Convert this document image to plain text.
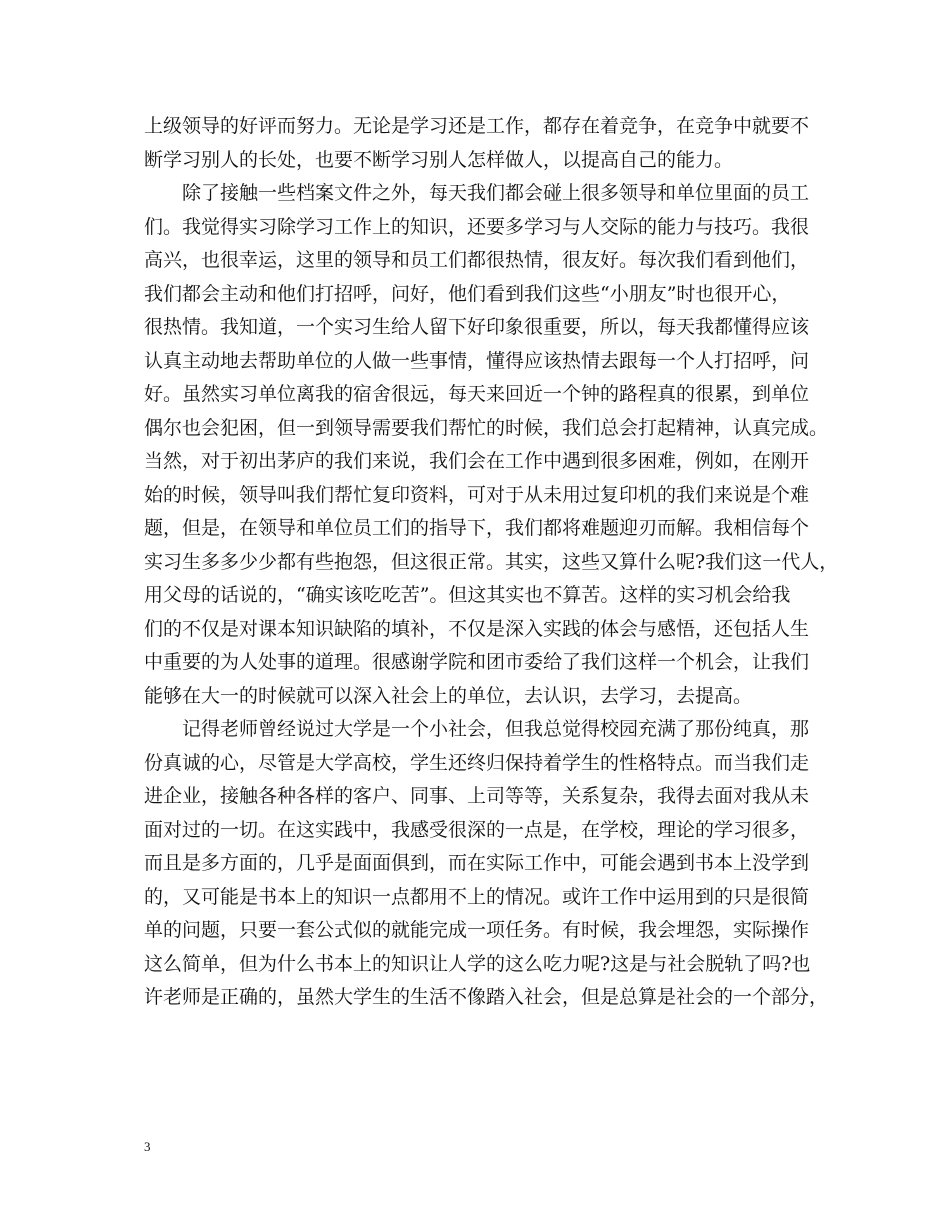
上级领导的好评而努力。无论是学习还是工作，都存在着竞争，在竞争中就要不
断学习别人的长处，也要不断学习别人怎样做人，以提高自己的能力。
　　除了接触一些档案文件之外，每天我们都会碰上很多领导和单位里面的员工
们。我觉得实习除学习工作上的知识，还要多学习与人交际的能力与技巧。我很
高兴，也很幸运，这里的领导和员工们都很热情，很友好。每次我们看到他们，
我们都会主动和他们打招呼，问好，他们看到我们这些“小朋友”时也很开心，
很热情。我知道，一个实习生给人留下好印象很重要，所以，每天我都懂得应该
认真主动地去帮助单位的人做一些事情，懂得应该热情去跟每一个人打招呼，问
好。虽然实习单位离我的宿舍很远，每天来回近一个钟的路程真的很累，到单位
偶尔也会犯困，但一到领导需要我们帮忙的时候，我们总会打起精神，认真完成。
当然，对于初出茅庐的我们来说，我们会在工作中遇到很多困难，例如，在刚开
始的时候，领导叫我们帮忙复印资料，可对于从未用过复印机的我们来说是个难
题，但是，在领导和单位员工们的指导下，我们都将难题迎刃而解。我相信每个
实习生多多少少都有些抱怨，但这很正常。其实，这些又算什么呢?我们这一代人，
用父母的话说的，“确实该吃吃苦”。但这其实也不算苦。这样的实习机会给我
们的不仅是对课本知识缺陷的填补，不仅是深入实践的体会与感悟，还包括人生
中重要的为人处事的道理。很感谢学院和团市委给了我们这样一个机会，让我们
能够在大一的时候就可以深入社会上的单位，去认识，去学习，去提高。
　　记得老师曾经说过大学是一个小社会，但我总觉得校园充满了那份纯真，那
份真诚的心，尽管是大学高校，学生还终归保持着学生的性格特点。而当我们走
进企业，接触各种各样的客户、同事、上司等等，关系复杂，我得去面对我从未
面对过的一切。在这实践中，我感受很深的一点是，在学校，理论的学习很多，
而且是多方面的，几乎是面面俱到，而在实际工作中，可能会遇到书本上没学到
的，又可能是书本上的知识一点都用不上的情况。或许工作中运用到的只是很简
单的问题，只要一套公式似的就能完成一项任务。有时候，我会埋怨，实际操作
这么简单，但为什么书本上的知识让人学的这么吃力呢?这是与社会脱轨了吗?也
许老师是正确的，虽然大学生的生活不像踏入社会，但是总算是社会的一个部分，
3
